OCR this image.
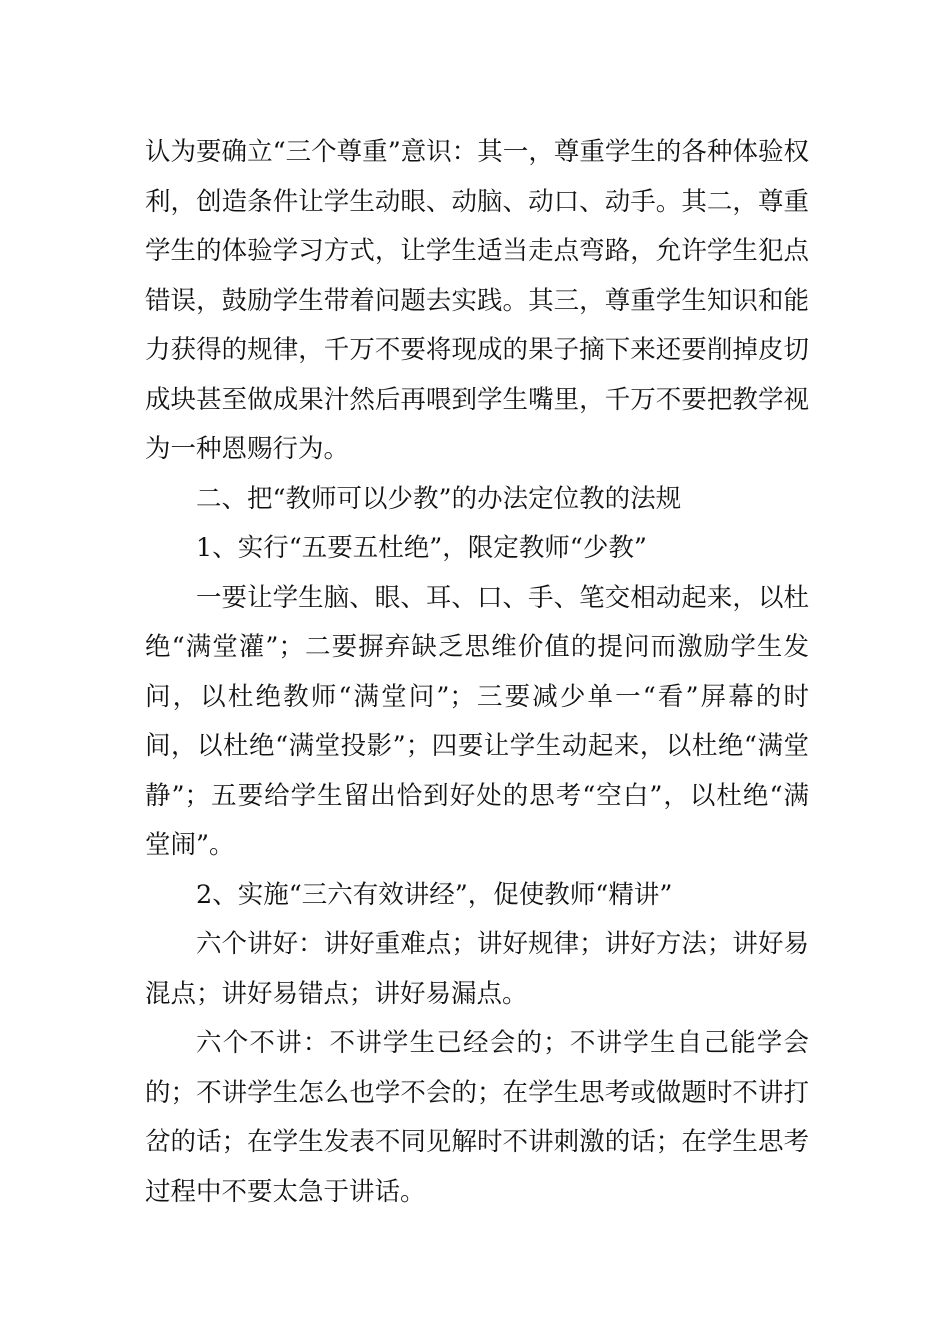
认为要确立“三个尊重”意识：其一，尊重学生的各种体验权利，创造条件让学生动眼、动脑、动口、动手。其二，尊重学生的体验学习方式，让学生适当走点弯路，允许学生犯点错误，鼓励学生带着问题去实践。其三，尊重学生知识和能力获得的规律，千万不要将现成的果子摘下来还要削掉皮切成块甚至做成果汁然后再喂到学生嘴里，千万不要把教学视为一种恩赐行为。

二、把“教师可以少教”的办法定位教的法规

1、实行“五要五杜绝”，限定教师“少教”

一要让学生脑、眼、耳、口、手、笔交相动起来，以杜绝“满堂灌”；二要摒弃缺乏思维价值的提问而激励学生发问，以杜绝教师“满堂问”；三要减少单一“看”屏幕的时间，以杜绝“满堂投影”；四要让学生动起来，以杜绝“满堂静”；五要给学生留出恰到好处的思考“空白”，以杜绝“满堂闹”。

2、实施“三六有效讲经”，促使教师“精讲”

六个讲好：讲好重难点；讲好规律；讲好方法；讲好易混点；讲好易错点；讲好易漏点。

六个不讲：不讲学生已经会的；不讲学生自己能学会的；不讲学生怎么也学不会的；在学生思考或做题时不讲打岔的话；在学生发表不同见解时不讲刺激的话；在学生思考过程中不要太急于讲话。
